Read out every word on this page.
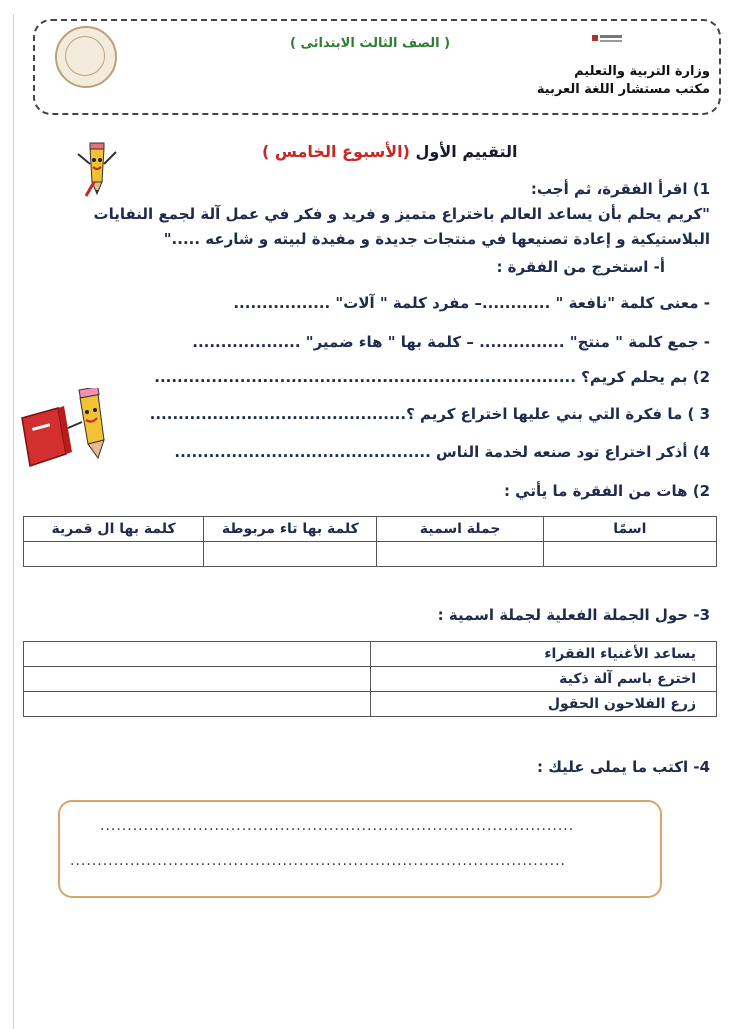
وزارة التربية والتعليم
مكتب مستشار اللغة العربية
( الصف الثالث الابتدائى )
التقييم الأول (الأسبوع الخامس )
1) اقرأ الفقرة، ثم أجب:
"كريم يحلم بأن يساعد العالم باختراع متميز و فريد و فكر في عمل آلة لجمع النفايات
البلاستيكية و إعادة تصنيعها في منتجات جديدة و مفيدة لبيته و شارعه ....."
أ- استخرج من الفقرة :
- معنى كلمة "نافعة " ............– مفرد كلمة " آلات" .................
- جمع كلمة " منتج" ............... – كلمة بها " هاء ضمير" ...................
2) بم يحلم كريم؟ ..........................................................................
3 ) ما فكرة التي بني عليها اختراع كريم ؟.............................................
4) أذكر اختراع تود صنعه لخدمة الناس .............................................
2) هات من الفقرة ما يأتي :
اسمًا	جملة اسمية	كلمة بها تاء مربوطة	كلمة بها ال قمرية

3- حول الجملة الفعلية لجملة اسمية :
يساعد الأغنياء الفقراء	
اخترع باسم آلة ذكية	
زرع الفلاحون الحقول	
4- اكتب ما يملى عليك :
.......................................................................................
...........................................................................................
